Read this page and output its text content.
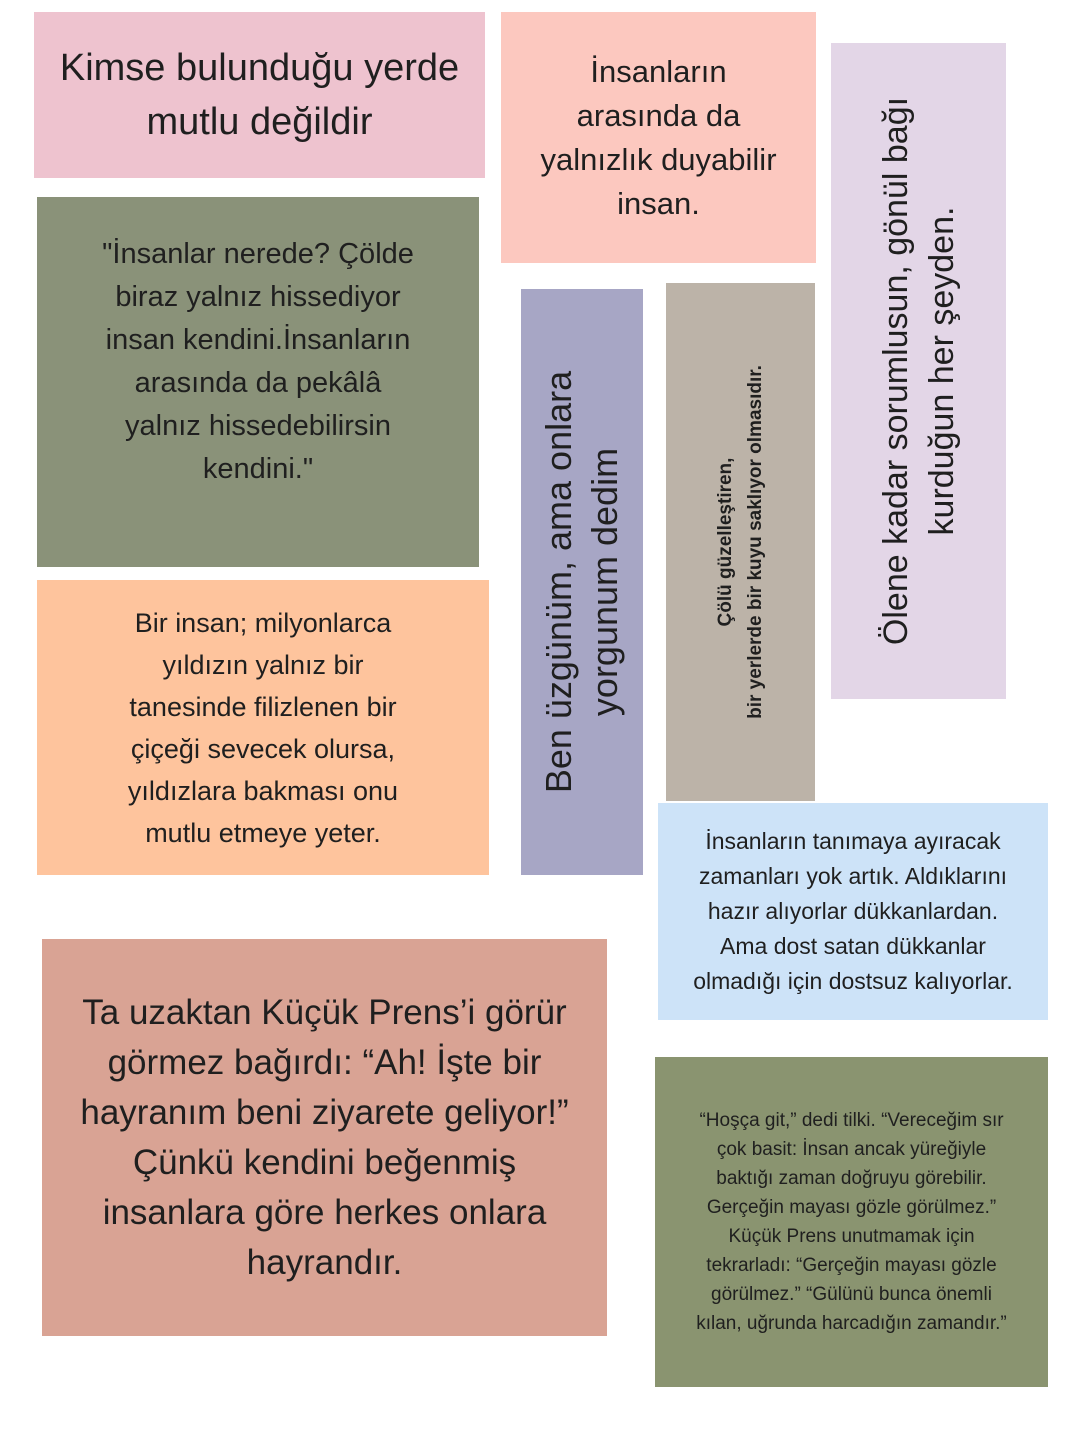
Kimse bulunduğu yerde
mutlu değildir
İnsanların
arasında da
yalnızlık duyabilir
insan.
Ölene kadar sorumlusun, gönül bağı
kurduğun her şeyden.
"İnsanlar nerede? Çölde
biraz yalnız hissediyor
insan kendini.İnsanların
arasında da pekâlâ
yalnız hissedebilirsin
kendini."
Ben üzgünüm, ama onlara
yorgunum dedim
Çölü güzelleştiren,
bir yerlerde bir kuyu saklıyor olmasıdır.
Bir insan; milyonlarca
yıldızın yalnız bir
tanesinde filizlenen bir
çiçeği sevecek olursa,
yıldızlara bakması onu
mutlu etmeye yeter.	İnsanların tanımaya ayıracak
zamanları yok artık. Aldıklarını
hazır alıyorlar dükkanlardan.
Ama dost satan dükkanlar
olmadığı için dostsuz kalıyorlar.
Ta uzaktan Küçük Prens’i görür
görmez bağırdı: “Ah! İşte bir
hayranım beni ziyarete geliyor!”
Çünkü kendini beğenmiş
insanlara göre herkes onlara
hayrandır.
“Hoşça git,” dedi tilki. “Vereceğim sır
çok basit: İnsan ancak yüreğiyle
baktığı zaman doğruyu görebilir.
Gerçeğin mayası gözle görülmez.”
Küçük Prens unutmamak için
tekrarladı: “Gerçeğin mayası gözle
görülmez.” “Gülünü bunca önemli
kılan, uğrunda harcadığın zamandır.”
